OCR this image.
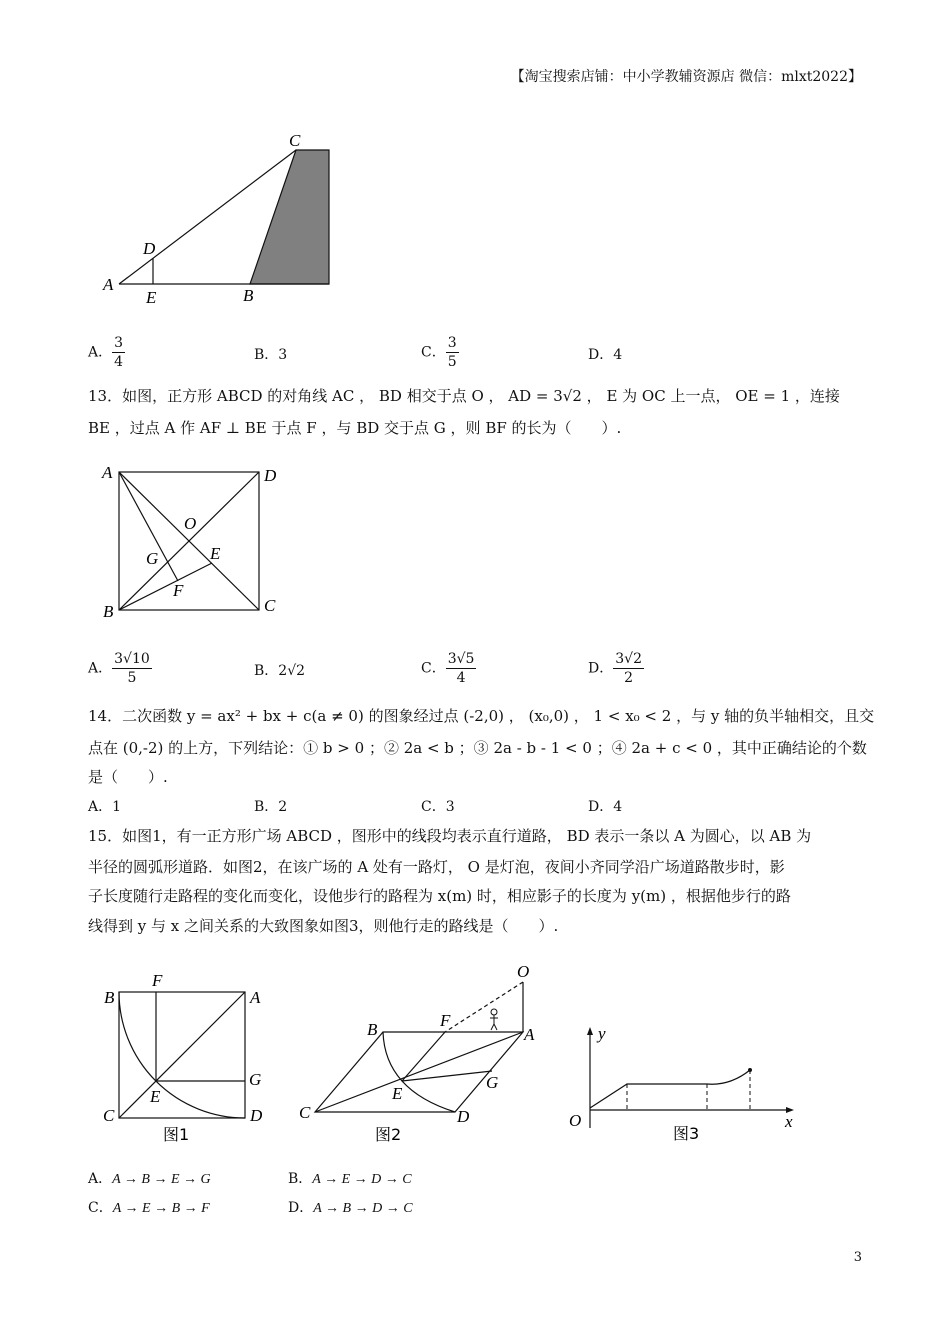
【淘宝搜索店铺：中小学教辅资源店 微信：mlxt2022】
C
D
A
E	B
A． $\frac{3}{4}$	B．3	C． $\frac{3}{5}$	D．4
13．如图，正方形 ABCD 的对角线 AC ， BD 相交于点 O ， AD = 3√2 ， E 为 OC 上一点， OE = 1 ，连接
BE ，过点 A 作 AF ⊥ BE 于点 F ，与 BD 交于点 G ，则 BF 的长为（　　）.
A	D
O
G	E
F
B	C
A． $\frac{3√10}{5}$	B．2√2	C． $\frac{3√5}{4}$	D． $\frac{3√2}{2}$
14．二次函数 y = ax² + bx + c(a ≠ 0) 的图象经过点 (-2,0) ， (x₀,0) ， 1 < x₀ < 2 ，与 y 轴的负半轴相交，且交
点在 (0,-2) 的上方，下列结论：① b > 0 ；② 2a < b ；③ 2a - b - 1 < 0 ；④ 2a + c < 0 ，其中正确结论的个数
是（　　）.
A．1	B．2	C．3	D．4
15．如图1，有一正方形广场 ABCD ，图形中的线段均表示直行道路， BD 表示一条以 A 为圆心，以 AB 为
半径的圆弧形道路．如图2，在该广场的 A 处有一路灯， O 是灯泡，夜间小齐同学沿广场道路散步时，影
子长度随行走路程的变化而变化，设他步行的路程为 x(m) 时，相应影子的长度为 y(m) ，根据他步行的路
线得到 y 与 x 之间关系的大致图象如图3，则他行走的路线是（　　）.
F
B	A
G
E
C	D
图1
O
B	F
A
G
E
C	D
图2
y
O	x
图3
A．A → B → E → G	B．A → E → D → C
C．A → E → B → F	D．A → B → D → C
3
